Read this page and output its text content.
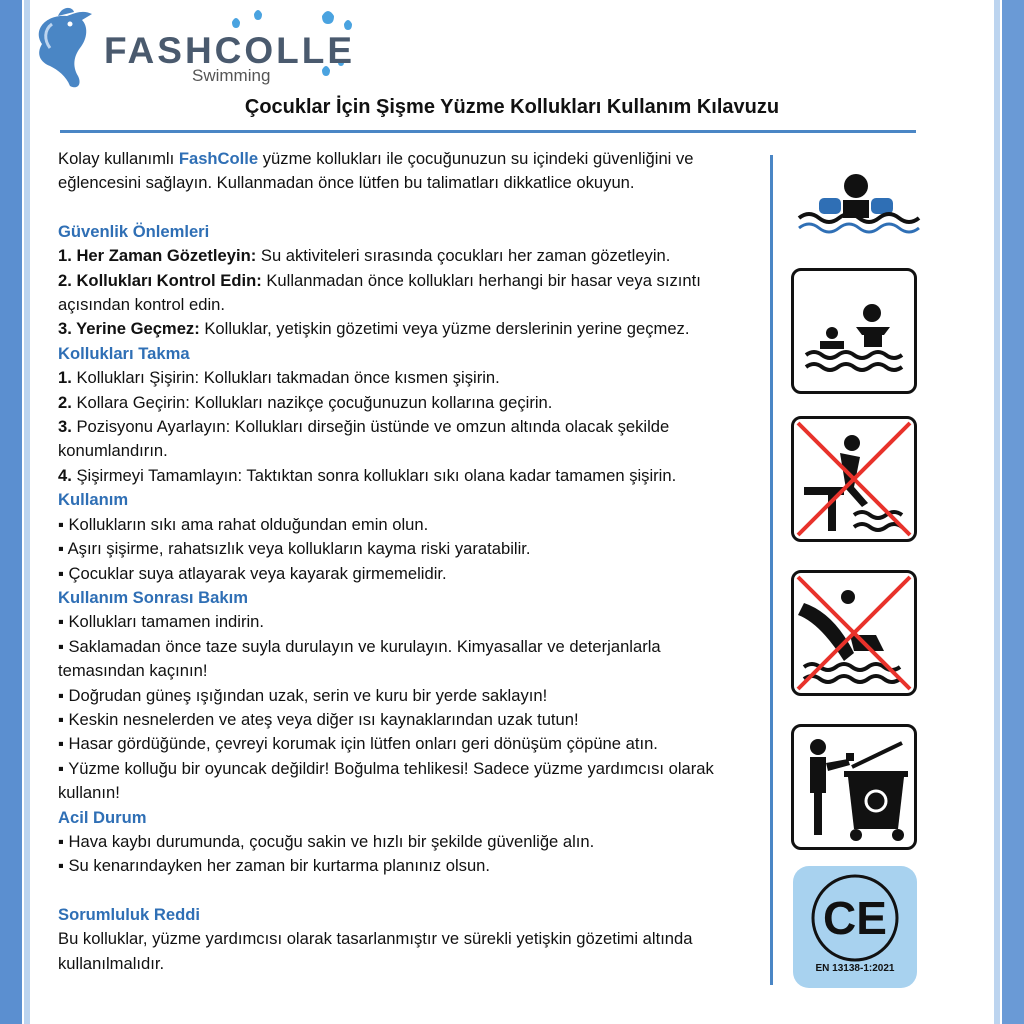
FASHCOLLE
Swimming
Çocuklar İçin Şişme Yüzme Kollukları Kullanım Kılavuzu

Kolay kullanımlı FashColle yüzme kollukları ile çocuğunuzun su içindeki güvenliğini ve eğlencesini sağlayın. Kullanmadan önce lütfen bu talimatları dikkatlice okuyun.

Güvenlik Önlemleri

1. Her Zaman Gözetleyin: Su aktiviteleri sırasında çocukları her zaman gözetleyin.

2. Kollukları Kontrol Edin: Kullanmadan önce kollukları herhangi bir hasar veya sızıntı açısından kontrol edin.

3. Yerine Geçmez: Kolluklar, yetişkin gözetimi veya yüzme derslerinin yerine geçmez.

Kollukları Takma

1. Kollukları Şişirin: Kollukları takmadan önce kısmen şişirin.

2. Kollara Geçirin: Kollukları nazikçe çocuğunuzun kollarına geçirin.

3. Pozisyonu Ayarlayın: Kollukları dirseğin üstünde ve omzun altında olacak şekilde konumlandırın.

4. Şişirmeyi Tamamlayın: Taktıktan sonra kollukları sıkı olana kadar tamamen şişirin.

Kullanım

▪ Kollukların sıkı ama rahat olduğundan emin olun.

▪ Aşırı şişirme, rahatsızlık veya kollukların kayma riski yaratabilir.

▪ Çocuklar suya atlayarak veya kayarak girmemelidir.

Kullanım Sonrası Bakım

▪ Kollukları tamamen indirin.

▪ Saklamadan önce taze suyla durulayın ve kurulayın. Kimyasallar ve deterjanlarla temasından kaçının!

▪ Doğrudan güneş ışığından uzak, serin ve kuru bir yerde saklayın!

▪ Keskin nesnelerden ve ateş veya diğer ısı kaynaklarından uzak tutun!

▪ Hasar gördüğünde, çevreyi korumak için lütfen onları geri dönüşüm çöpüne atın.

▪ Yüzme kolluğu bir oyuncak değildir! Boğulma tehlikesi! Sadece yüzme yardımcısı olarak kullanın!

Acil Durum

▪ Hava kaybı durumunda, çocuğu sakin ve hızlı bir şekilde güvenliğe alın.

▪ Su kenarındayken her zaman bir kurtarma planınız olsun.

Sorumluluk Reddi

Bu kolluklar, yüzme yardımcısı olarak tasarlanmıştır ve sürekli yetişkin gözetimi altında kullanılmalıdır.

CE
EN 13138-1:2021
